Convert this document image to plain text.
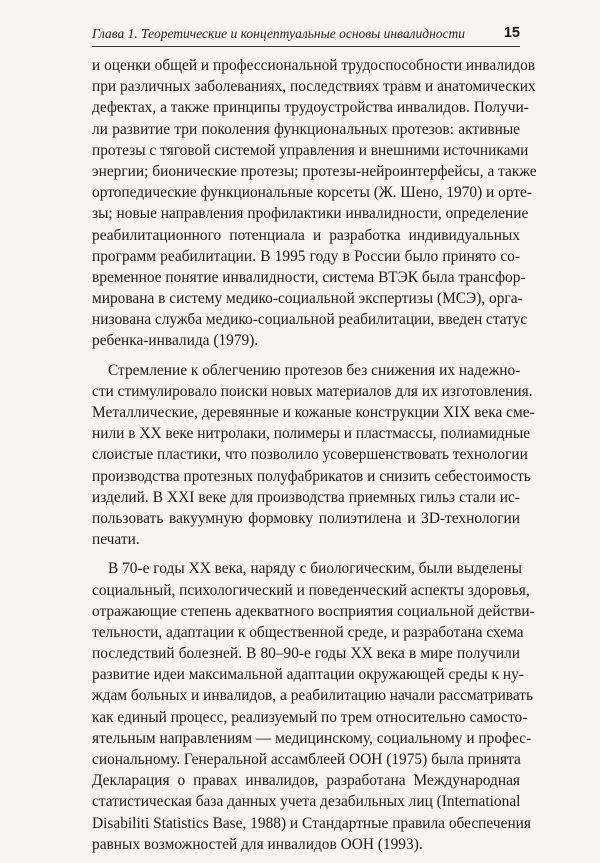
Глава 1. Теоретические и концептуальные основы инвалидности	15
и оценки общей и профессиональной трудоспособности инвалидов
при различных заболеваниях, последствиях травм и анатомических
дефектах, а также принципы трудоустройства инвалидов. Получи-
ли развитие три поколения функциональных протезов: активные
протезы с тяговой системой управления и внешними источниками
энергии; бионические протезы; протезы-нейроинтерфейсы, а также
ортопедические функциональные корсеты (Ж. Шено, 1970) и орте-
зы; новые направления профилактики инвалидности, определение
реабилитационного потенциала и разработка индивидуальных
программ реабилитации. В 1995 году в России было принято со-
временное понятие инвалидности, система ВТЭК была трансфор-
мирована в систему медико-социальной экспертизы (МСЭ), орга-
низована служба медико-социальной реабилитации, введен статус
ребенка-инвалида (1979).
Стремление к облегчению протезов без снижения их надежно-
сти стимулировало поиски новых материалов для их изготовления.
Металлические, деревянные и кожаные конструкции XIX века сме-
нили в XX веке нитролаки, полимеры и пластмассы, полиамидные
слоистые пластики, что позволило усовершенствовать технологии
производства протезных полуфабрикатов и снизить себестоимость
изделий. В XXI веке для производства приемных гильз стали ис-
пользовать вакуумную формовку полиэтилена и 3D-технологии
печати.
В 70-е годы XX века, наряду с биологическим, были выделены
социальный, психологический и поведенческий аспекты здоровья,
отражающие степень адекватного восприятия социальной действи-
тельности, адаптации к общественной среде, и разработана схема
последствий болезней. В 80–90-е годы XX века в мире получили
развитие идеи максимальной адаптации окружающей среды к ну-
ждам больных и инвалидов, а реабилитацию начали рассматривать
как единый процесс, реализуемый по трем относительно самосто-
ятельным направлениям — медицинскому, социальному и профес-
сиональному. Генеральной ассамблеей ООН (1975) была принята
Декларация о правах инвалидов, разработана Международная
статистическая база данных учета дезабильных лиц (International
Disabiliti Statistics Base, 1988) и Стандартные правила обеспечения
равных возможностей для инвалидов ООН (1993).
